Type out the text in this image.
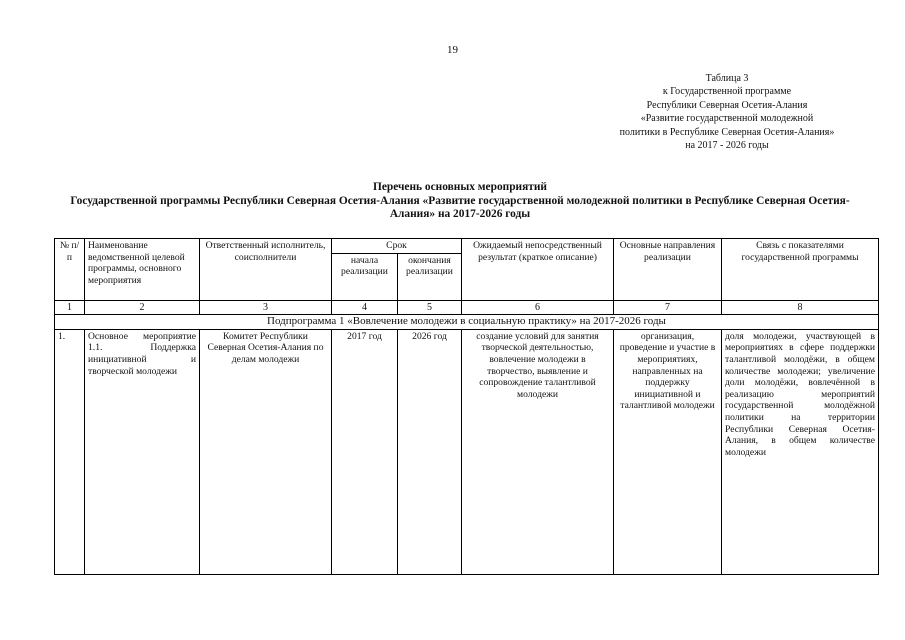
19
Таблица 3
к Государственной программе
Республики Северная Осетия-Алания
«Развитие государственной молодежной
политики в Республике Северная Осетия-Алания»
на 2017 - 2026 годы
Перечень основных мероприятий
Государственной программы Республики Северная Осетия-Алания «Развитие государственной молодежной политики в Республике Северная Осетия-Алания» на 2017-2026 годы
№ п/п	Наименование ведомственной целевой программы, основного мероприятия	Ответственный исполнитель, соисполнители	Срок		Ожидаемый непосредственный результат (краткое описание)	Основные направления реализации	Связь с показателями государственной программы
			начала реализации	окончания реализации			
1	2	3	4	5	6	7	8
Подпрограмма 1 «Вовлечение молодежи в социальную практику» на 2017-2026 годы							
1.	Основное мероприятие 1.1. Поддержка инициативной и творческой молодежи	Комитет Республики Северная Осетия-Алания по делам молодежи	2017 год	2026 год	создание условий для занятия творческой деятельностью, вовлечение молодежи в творчество, выявление и сопровождение талантливой молодежи	организация, проведение и участие в мероприятиях, направленных на поддержку инициативной и талантливой молодежи	доля молодежи, участвующей в мероприятиях в сфере поддержки талантливой молодёжи, в общем количестве молодежи; увеличение доли молодёжи, вовлечённой в реализацию мероприятий государственной молодёжной политики на территории Республики Северная Осетия-Алания, в общем количестве молодежи
